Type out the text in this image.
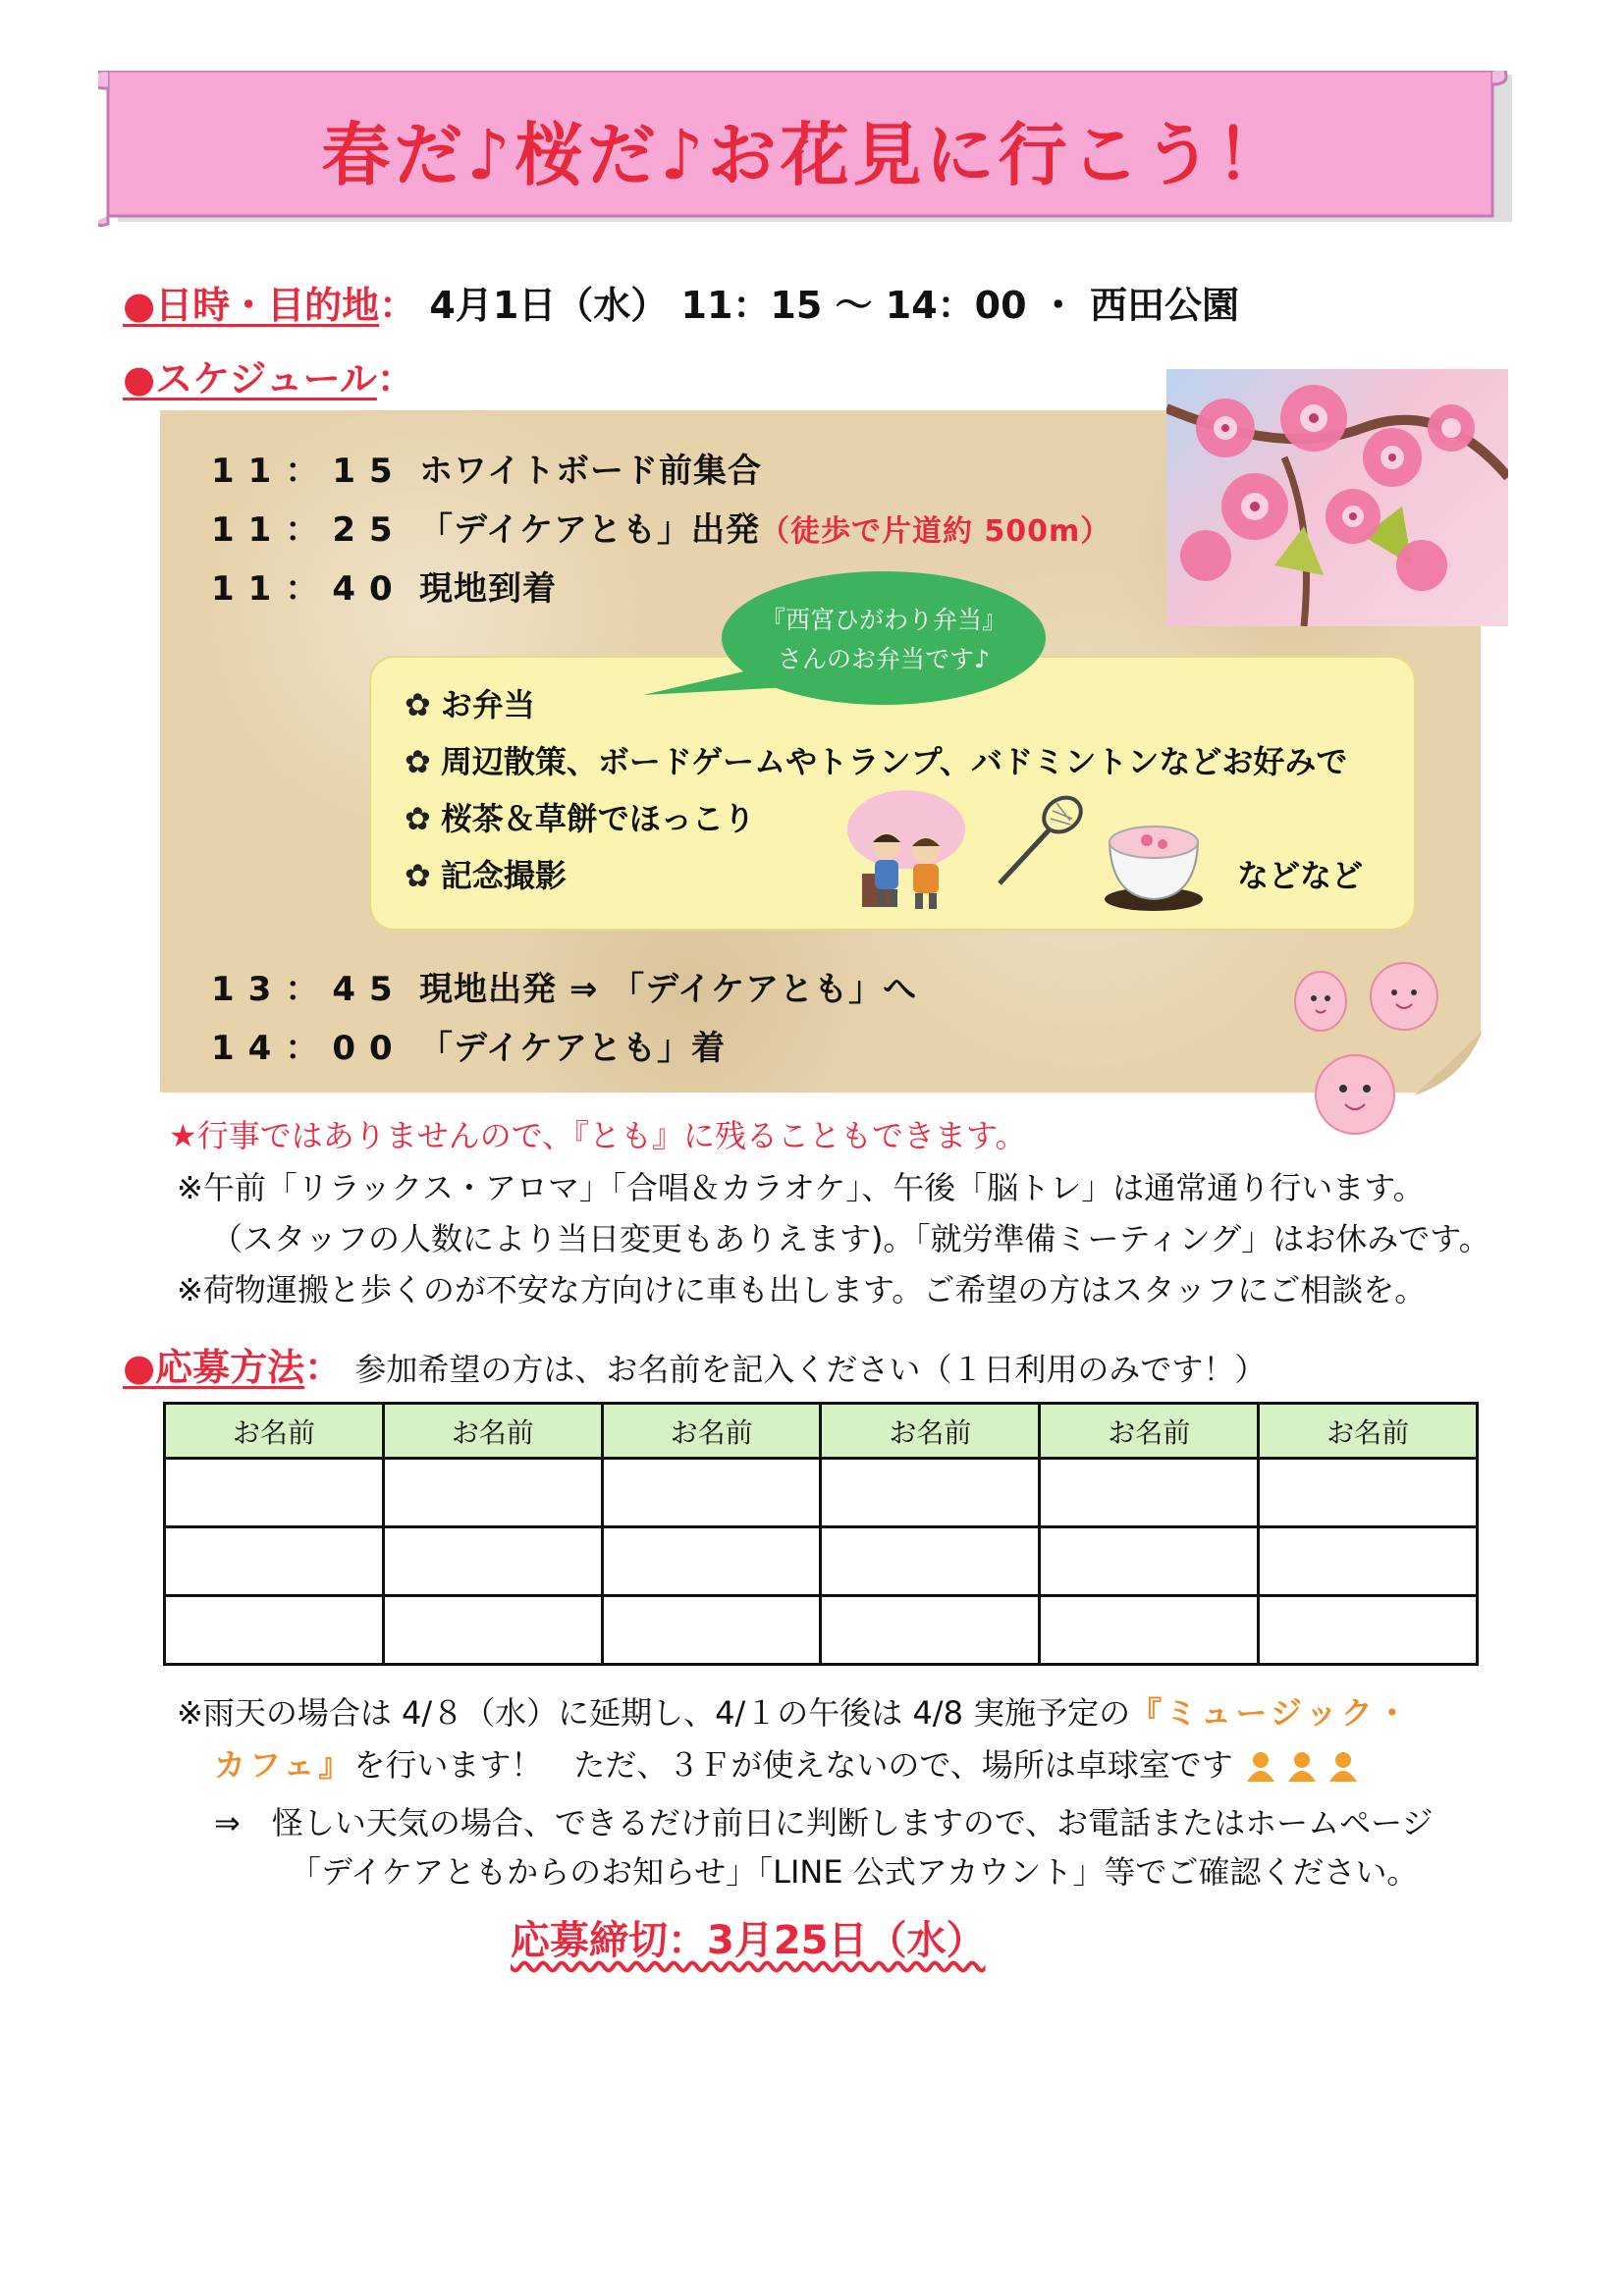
春だ♪桜だ♪お花見に行こう！
●日時・目的地： 4月1日（水） 11：15 ～ 14：00 ・ 西田公園
●スケジュール：
11：15 ホワイトボード前集合
11：25 「デイケアとも」出発（徒歩で片道約 500m）
11：40 現地到着
『西宮ひがわり弁当』
さんのお弁当です♪
✿ お弁当
✿ 周辺散策、ボードゲームやトランプ、バドミントンなどお好みで
✿ 桜茶＆草餅でほっこり
✿ 記念撮影	などなど
13：45 現地出発 ⇒ 「デイケアとも」へ
14：00 「デイケアとも」着
★行事ではありませんので、『とも』に残ることもできます。
※午前「リラックス・アロマ」「合唱＆カラオケ」、午後「脳トレ」は通常通り行います。
（スタッフの人数により当日変更もありえます)。「就労準備ミーティング」はお休みです。
※荷物運搬と歩くのが不安な方向けに車も出します。ご希望の方はスタッフにご相談を。
●応募方法： 参加希望の方は、お名前を記入ください（１日利用のみです！）
お名前	お名前	お名前	お名前	お名前	お名前

※雨天の場合は 4/８（水）に延期し、4/１の午後は 4/8 実施予定の『ミュージック・
カフェ』を行います！　ただ、３Ｆが使えないので、場所は卓球室です
⇒　怪しい天気の場合、できるだけ前日に判断しますので、お電話またはホームページ
「デイケアともからのお知らせ」「LINE 公式アカウント」等でご確認ください。
応募締切：3月25日（水）
